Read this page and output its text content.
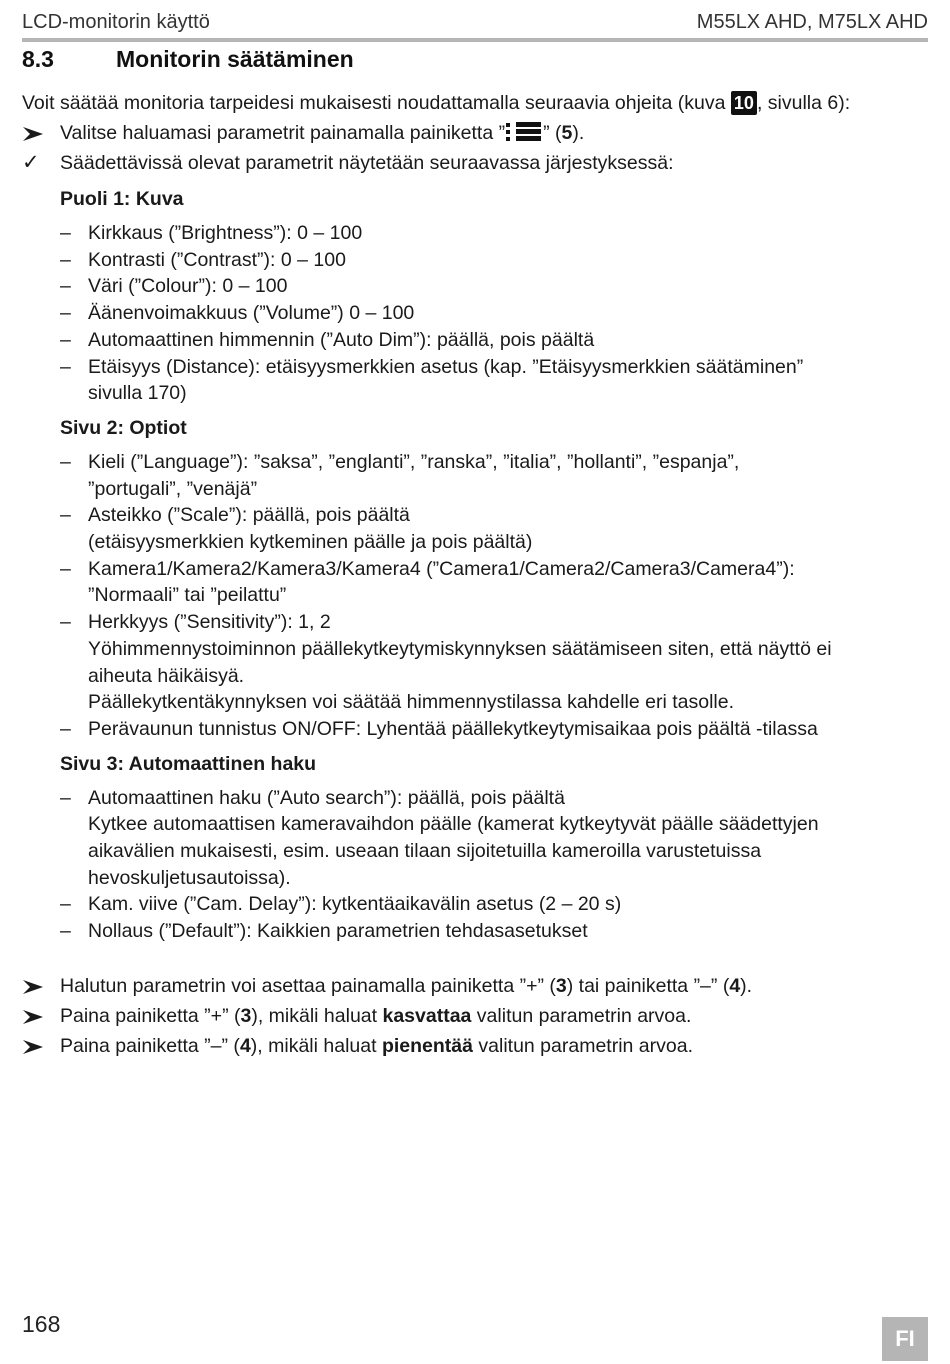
LCD-monitorin käyttö	M55LX AHD, M75LX AHD
8.3	Monitorin säätäminen

Voit säätää monitoria tarpeidesi mukaisesti noudattamalla seuraavia ohjeita (kuva 10 , sivulla 6):

Valitse haluamasi parametrit painamalla painiketta ” ” (5).
✓	Säädettävissä olevat parametrit näytetään seuraavassa järjestyksessä:
Puoli 1: Kuva
– Kirkkaus (”Brightness”): 0 – 100
– Kontrasti (”Contrast”): 0 – 100
– Väri (”Colour”): 0 – 100
– Äänenvoimakkuus (”Volume”) 0 – 100
– Automaattinen himmennin (”Auto Dim”): päällä, pois päältä
– Etäisyys (Distance): etäisyysmerkkien asetus (kap. ”Etäisyysmerkkien säätäminen”
sivulla 170)
Sivu 2: Optiot
– Kieli (”Language”): ”saksa”, ”englanti”, ”ranska”, ”italia”, ”hollanti”, ”espanja”,
”portugali”, ”venäjä”
– Asteikko (”Scale”): päällä, pois päältä
(etäisyysmerkkien kytkeminen päälle ja pois päältä)
– Kamera1/Kamera2/Kamera3/Kamera4 (”Camera1/Camera2/Camera3/Camera4”):
”Normaali” tai ”peilattu”
– Herkkyys (”Sensitivity”): 1, 2
Yöhimmennystoiminnon päällekytkeytymiskynnyksen säätämiseen siten, että näyttö ei
aiheuta häikäisyä.
Päällekytkentäkynnyksen voi säätää himmennystilassa kahdelle eri tasolle.
– Perävaunun tunnistus ON/OFF: Lyhentää päällekytkeytymisaikaa pois päältä -tilassa
Sivu 3: Automaattinen haku
– Automaattinen haku (”Auto search”): päällä, pois päältä
Kytkee automaattisen kameravaihdon päälle (kamerat kytkeytyvät päälle säädettyjen
aikavälien mukaisesti, esim. useaan tilaan sijoitetuilla kameroilla varustetuissa
hevoskuljetusautoissa).
– Kam. viive (”Cam. Delay”): kytkentäaikavälin asetus (2 – 20 s)
– Nollaus (”Default”): Kaikkien parametrien tehdasasetukset
Halutun parametrin voi asettaa painamalla painiketta ”+” (3) tai painiketta ”–” (4).
Paina painiketta ”+” (3), mikäli haluat kasvattaa valitun parametrin arvoa.
Paina painiketta ”–” (4), mikäli haluat pienentää valitun parametrin arvoa.
168
FI
